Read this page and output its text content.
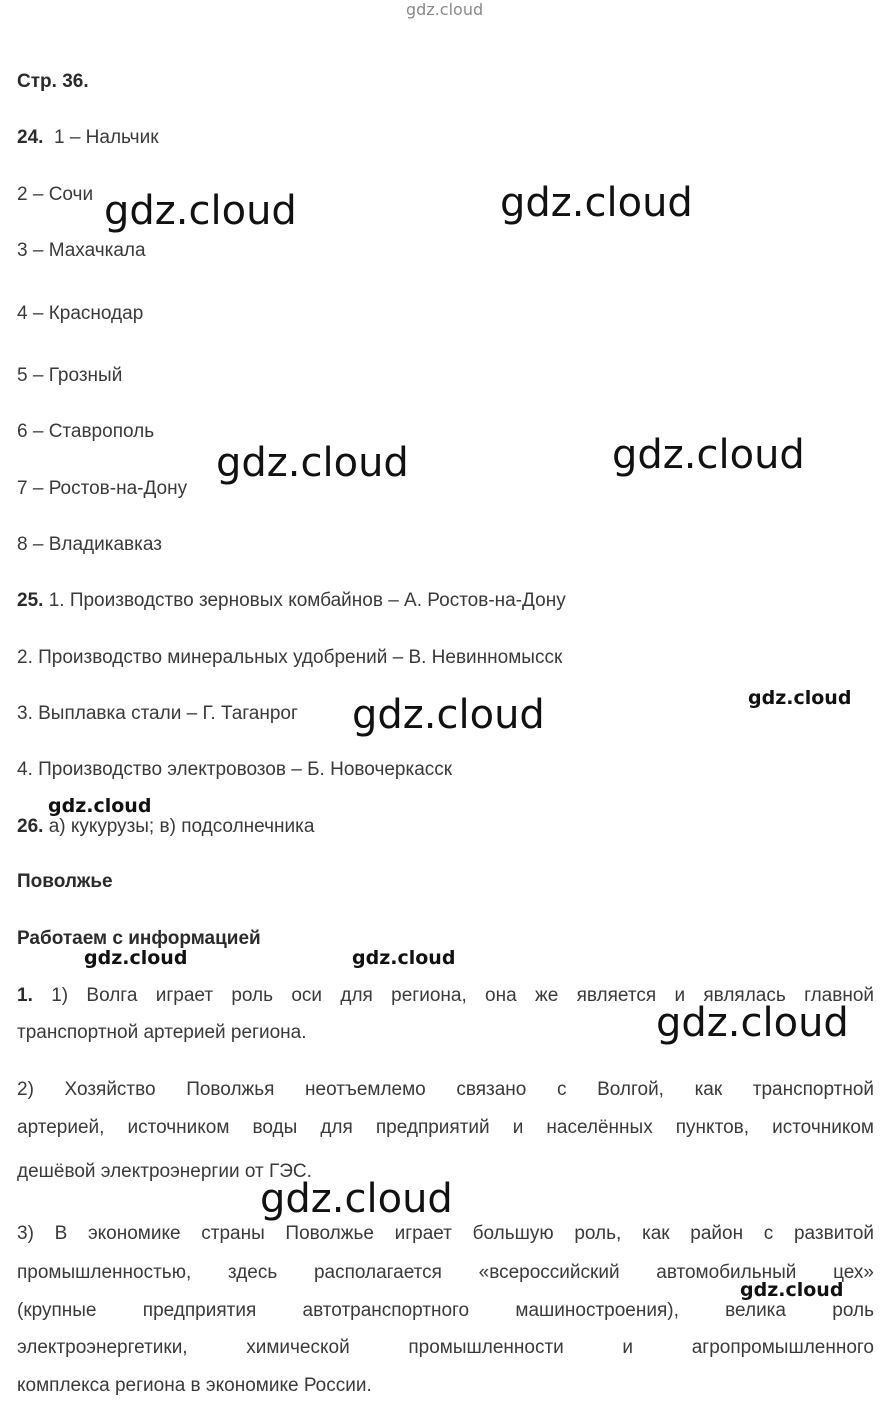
gdz.cloud
Стр. 36.
24. 1 – Нальчик
2 – Сочи
3 – Махачкала
4 – Краснодар
5 – Грозный
6 – Ставрополь
7 – Ростов-на-Дону
8 – Владикавказ
25. 1. Производство зерновых комбайнов – А. Ростов-на-Дону
2. Производство минеральных удобрений – В. Невинномысск
3. Выплавка стали – Г. Таганрог
4. Производство электровозов – Б. Новочеркасск
26. а) кукурузы; в) подсолнечника
Поволжье
Работаем с информацией
1. 1) Волга играет роль оси для региона, она же является и являлась главной
транспортной артерией региона.
2) Хозяйство Поволжья неотъемлемо связано с Волгой, как транспортной
артерией, источником воды для предприятий и населённых пунктов, источником
дешёвой электроэнергии от ГЭС.
3) В экономике страны Поволжье играет большую роль, как район с развитой
промышленностью, здесь располагается «всероссийский автомобильный цех»
(крупные предприятия автотранспортного машиностроения), велика роль
электроэнергетики, химической промышленности и агропромышленного
комплекса региона в экономике России.
gdz.cloud	gdz.cloud
gdz.cloud	gdz.cloud
gdz.cloud
gdz.cloud
gdz.cloud
gdz.cloud
gdz.cloud
gdz.cloud	gdz.cloud
gdz.cloud
